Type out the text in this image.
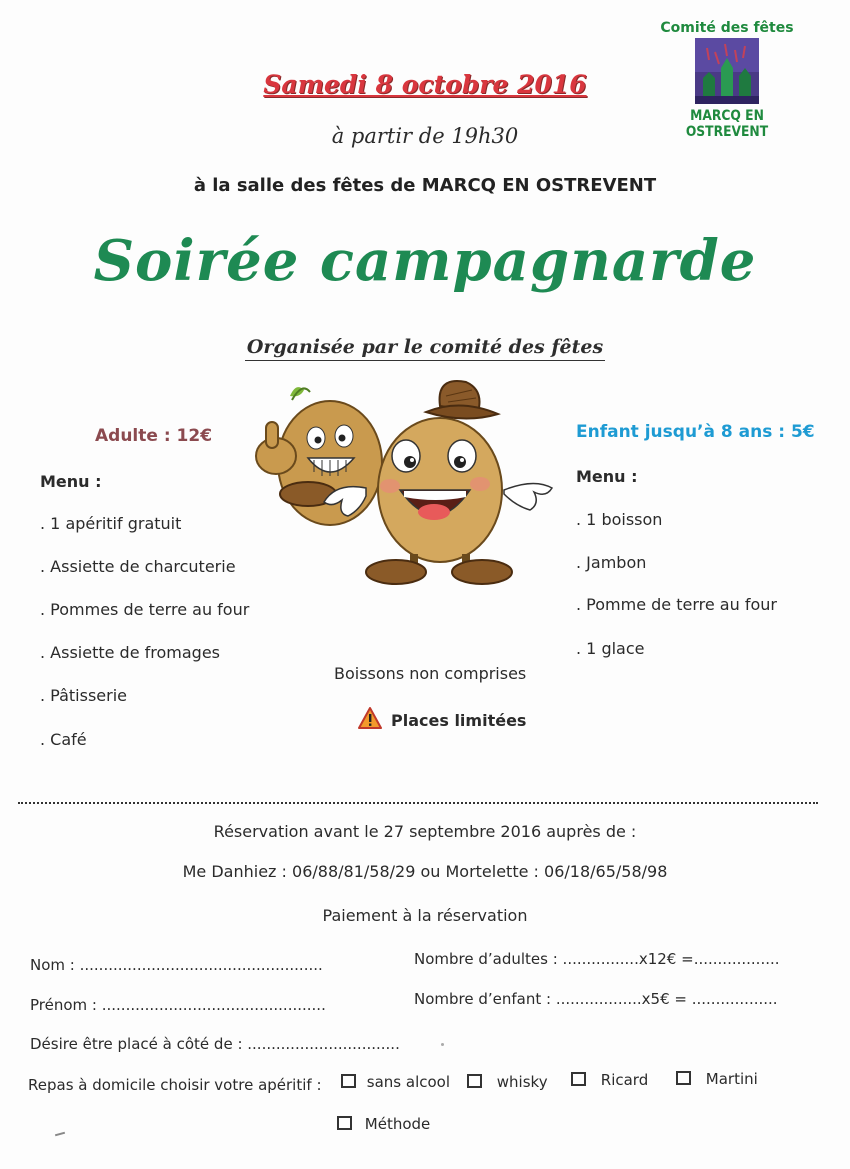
Comité des fêtes
MARCQ EN OSTREVENT
Samedi 8 octobre 2016
à partir de 19h30
à la salle des fêtes de MARCQ EN OSTREVENT
Soirée campagnarde
Organisée par le comité des fêtes
Adulte : 12€
Menu :
. 1 apéritif gratuit
. Assiette de charcuterie
. Pommes de terre au four
. Assiette de fromages
. Pâtisserie
. Café
Enfant jusqu’à 8 ans : 5€
Menu :
. 1 boisson
. Jambon
. Pomme de terre au four
. 1 glace
Boissons non comprises
Places limitées
Réservation avant le 27 septembre 2016 auprès de :
Me Danhiez : 06/88/81/58/29 ou Mortelette : 06/18/65/58/98
Paiement à la réservation
Nom : ...................................................	Nombre d’adultes : ................x12€ =..................
Prénom : ...............................................	Nombre d’enfant : ..................x5€ = ..................
Désire être placé à côté de : ................................
Repas à domicile choisir votre apéritif :	sans alcool	whisky	Ricard	Martini
Méthode
